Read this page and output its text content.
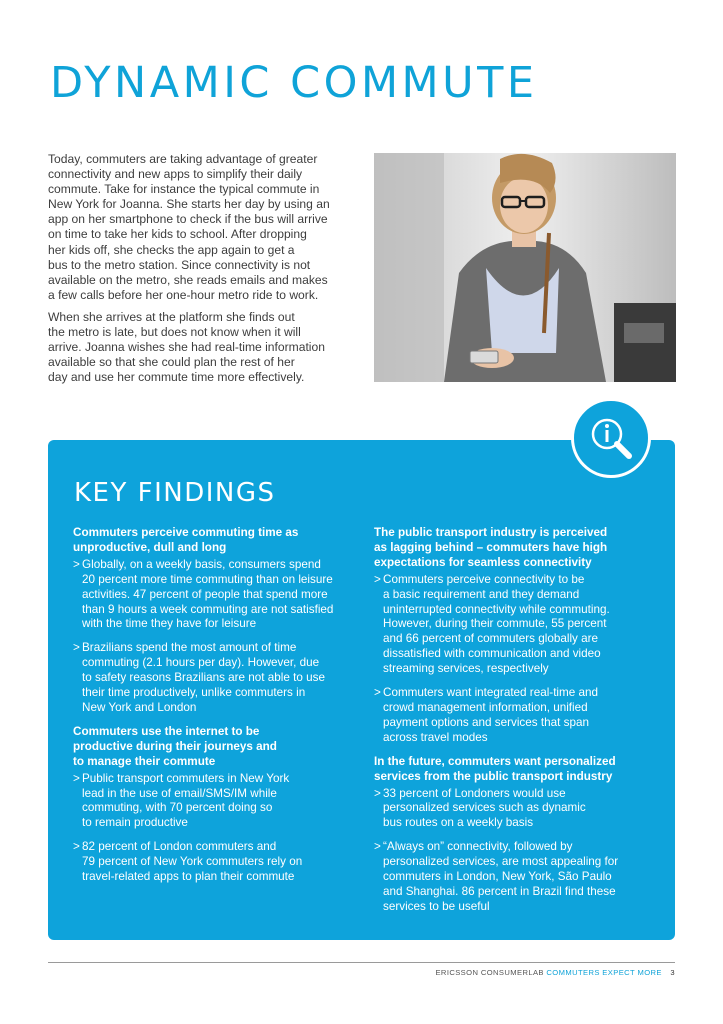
DYNAMIC COMMUTE

Today, commuters are taking advantage of greater
connectivity and new apps to simplify their daily
commute. Take for instance the typical commute in
New York for Joanna. She starts her day by using an
app on her smartphone to check if the bus will arrive
on time to take her kids to school. After dropping
her kids off, she checks the app again to get a
bus to the metro station. Since connectivity is not
available on the metro, she reads emails and makes
a few calls before her one-hour metro ride to work.

When she arrives at the platform she finds out
the metro is late, but does not know when it will
arrive. Joanna wishes she had real-time information
available so that she could plan the rest of her
day and use her commute time more effectively.

KEY FINDINGS
Commuters perceive commuting time as
unproductive, dull and long
> Globally, on a weekly basis, consumers spend
20 percent more time commuting than on leisure
activities. 47 percent of people that spend more
than 9 hours a week commuting are not satisfied
with the time they have for leisure
> Brazilians spend the most amount of time
commuting (2.1 hours per day). However, due
to safety reasons Brazilians are not able to use
their time productively, unlike commuters in
New York and London
Commuters use the internet to be
productive during their journeys and
to manage their commute
> Public transport commuters in New York
lead in the use of email/SMS/IM while
commuting, with 70 percent doing so
to remain productive
> 82 percent of London commuters and
79 percent of New York commuters rely on
travel-related apps to plan their commute
The public transport industry is perceived
as lagging behind – commuters have high
expectations for seamless connectivity
> Commuters perceive connectivity to be
a basic requirement and they demand
uninterrupted connectivity while commuting.
However, during their commute, 55 percent
and 66 percent of commuters globally are
dissatisfied with communication and video
streaming services, respectively
> Commuters want integrated real-time and
crowd management information, unified
payment options and services that span
across travel modes
In the future, commuters want personalized
services from the public transport industry
> 33 percent of Londoners would use
personalized services such as dynamic
bus routes on a weekly basis
> “Always on” connectivity, followed by
personalized services, are most appealing for
commuters in London, New York, São Paulo
and Shanghai. 86 percent in Brazil find these
services to be useful
ERICSSON CONSUMERLAB COMMUTERS EXPECT MORE 3
